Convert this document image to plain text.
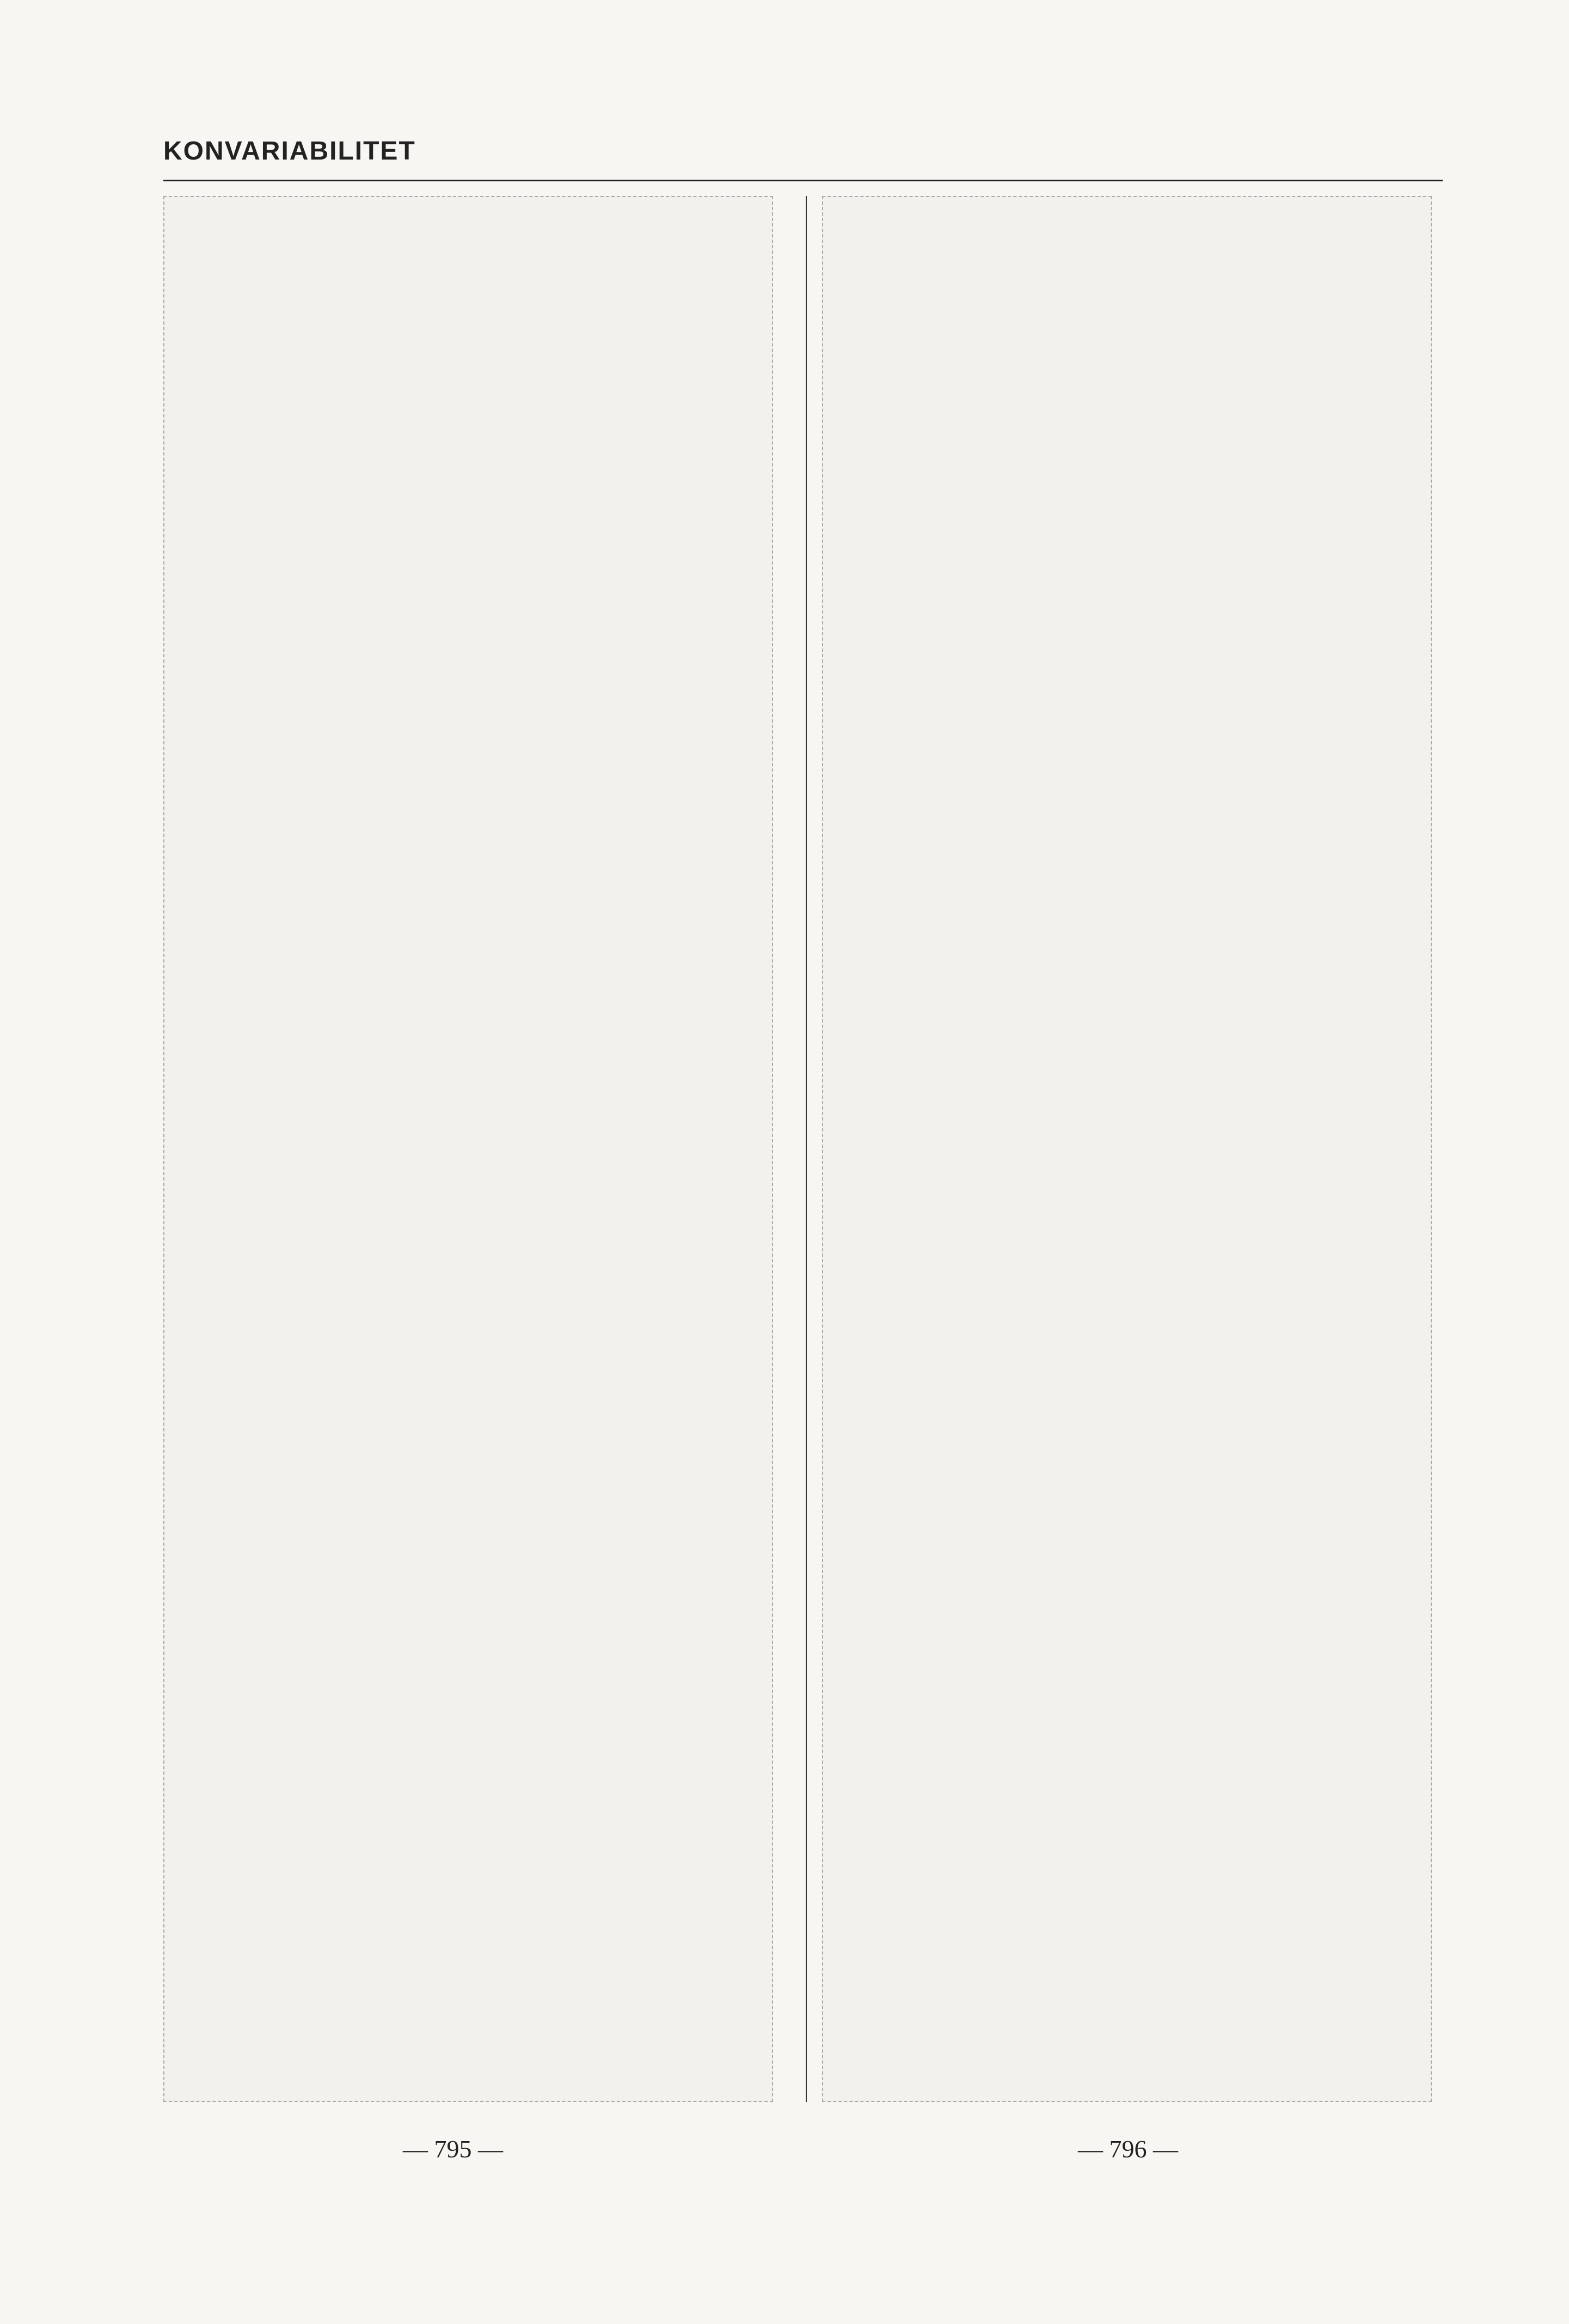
KONVARIABILITET
— 795 —	— 796 —
